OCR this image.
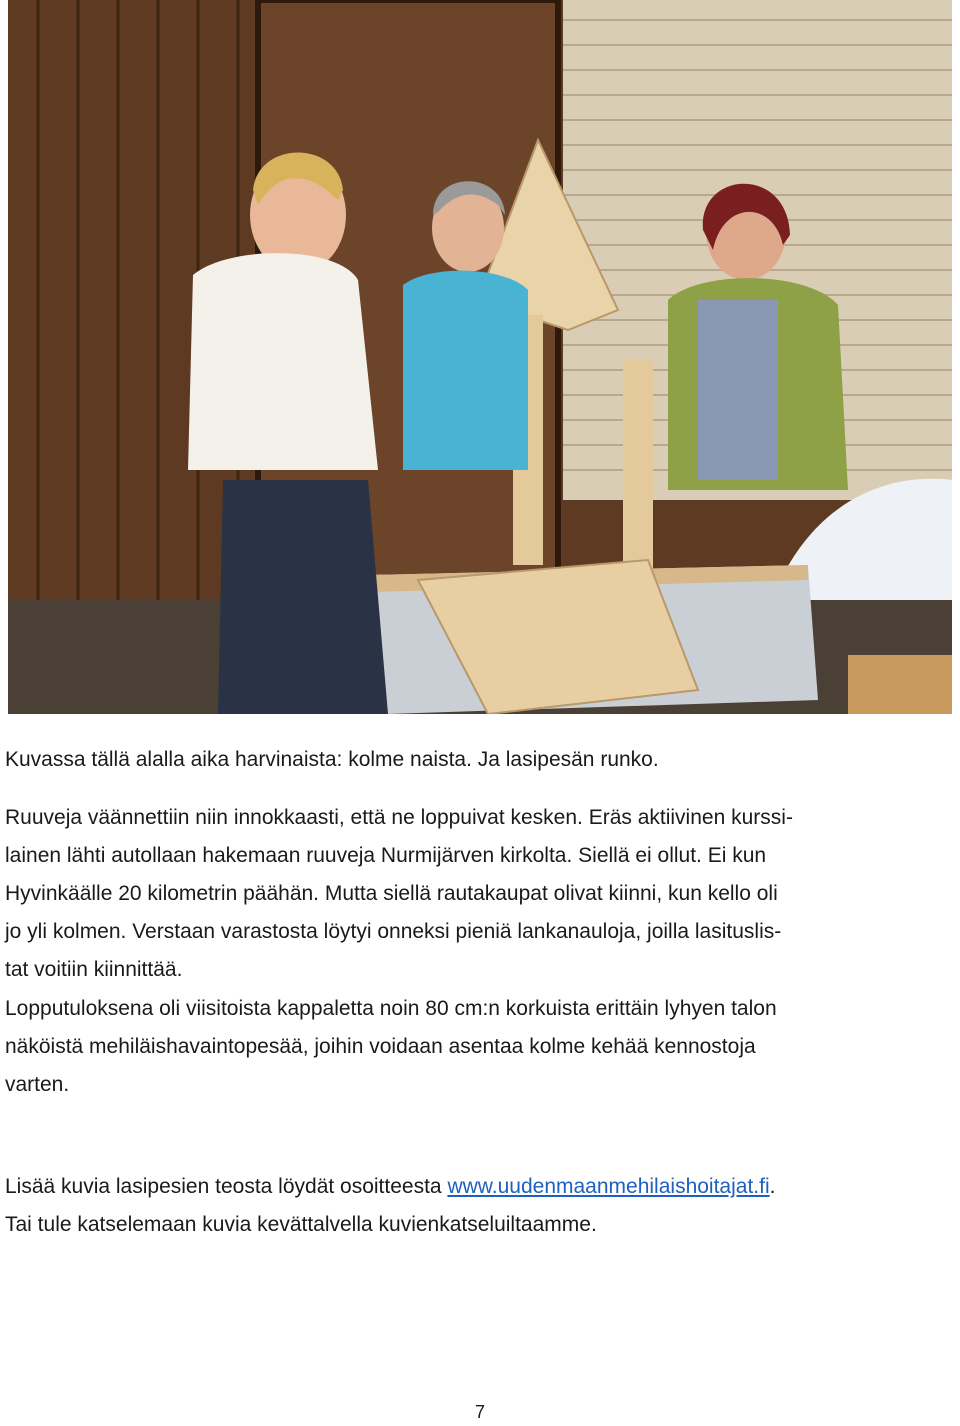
Kuvassa tällä alalla aika harvinaista: kolme naista. Ja lasipesän runko.

Ruuveja väännettiin niin innokkaasti, että ne loppuivat kesken. Eräs aktiivinen kurssi-

lainen lähti autollaan hakemaan ruuveja Nurmijärven kirkolta. Siellä ei ollut. Ei kun

Hyvinkäälle 20 kilometrin päähän. Mutta siellä rautakaupat olivat kiinni, kun kello oli

jo yli kolmen. Verstaan varastosta löytyi onneksi pieniä lankanauloja, joilla lasituslis-

tat voitiin kiinnittää.

Lopputuloksena oli viisitoista kappaletta noin 80 cm:n korkuista erittäin lyhyen talon

näköistä mehiläishavaintopesää, joihin voidaan asentaa kolme kehää kennostoja

varten.

Lisää kuvia lasipesien teosta löydät osoitteesta www.uudenmaanmehilaishoitajat.fi.

Tai tule katselemaan kuvia kevättalvella kuvienkatseluiltaamme.

7
